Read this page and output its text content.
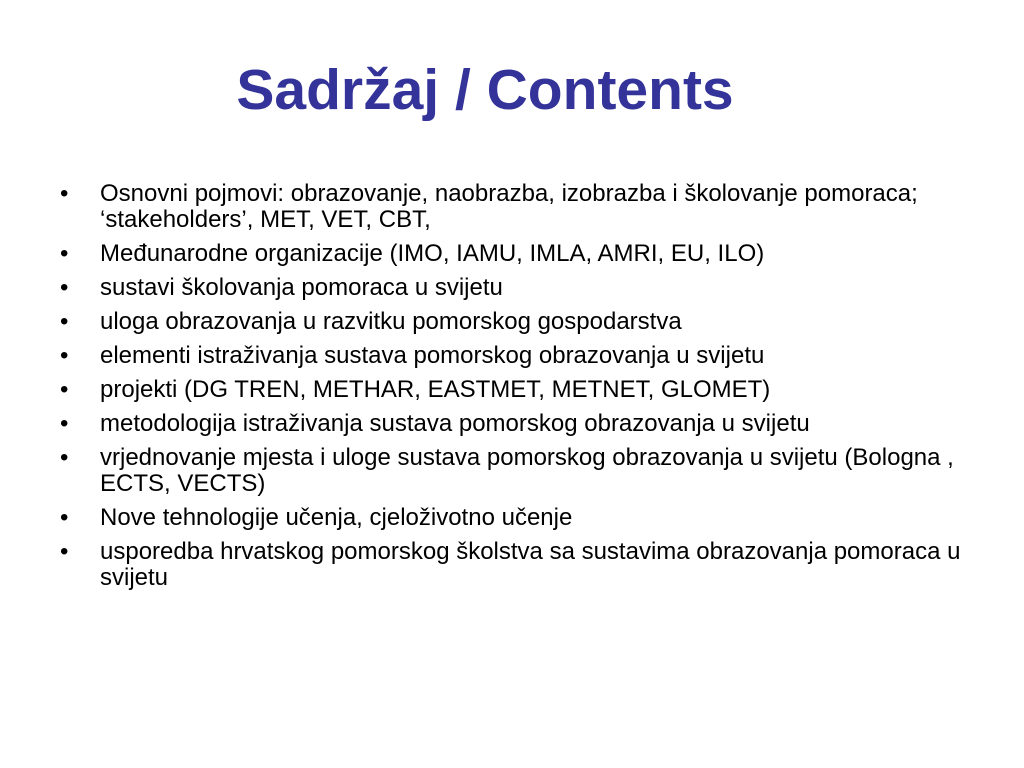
Sadržaj / Contents
•	Osnovni pojmovi: obrazovanje, naobrazba, izobrazba i školovanje pomoraca; ‘stakeholders’, MET, VET, CBT,
•	Međunarodne organizacije (IMO, IAMU, IMLA, AMRI, EU, ILO)
•	sustavi školovanja pomoraca u svijetu
•	uloga obrazovanja u razvitku pomorskog gospodarstva
•	elementi istraživanja sustava pomorskog obrazovanja u svijetu
•	projekti (DG TREN, METHAR, EASTMET, METNET, GLOMET)
•	metodologija istraživanja sustava pomorskog obrazovanja u svijetu
•	vrjednovanje mjesta i uloge sustava pomorskog obrazovanja u svijetu (Bologna , ECTS, VECTS)
•	Nove tehnologije učenja, cjeloživotno učenje
•	usporedba hrvatskog pomorskog školstva sa sustavima obrazovanja pomoraca u svijetu
